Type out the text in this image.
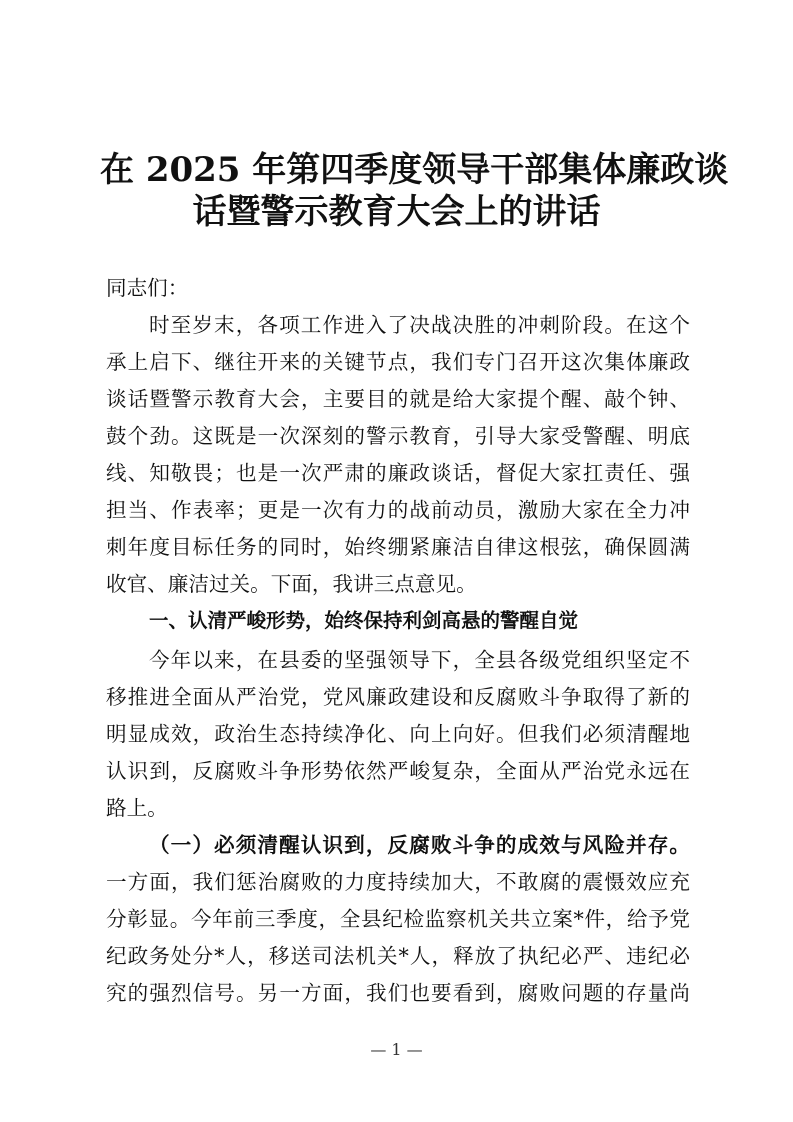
在 2025 年第四季度领导干部集体廉政谈
话暨警示教育大会上的讲话
同志们：
时至岁末，各项工作进入了决战决胜的冲刺阶段。在这个
承上启下、继往开来的关键节点，我们专门召开这次集体廉政
谈话暨警示教育大会，主要目的就是给大家提个醒、敲个钟、
鼓个劲。这既是一次深刻的警示教育，引导大家受警醒、明底
线、知敬畏；也是一次严肃的廉政谈话，督促大家扛责任、强
担当、作表率；更是一次有力的战前动员，激励大家在全力冲
刺年度目标任务的同时，始终绷紧廉洁自律这根弦，确保圆满
收官、廉洁过关。下面，我讲三点意见。
一、认清严峻形势，始终保持利剑高悬的警醒自觉
今年以来，在县委的坚强领导下，全县各级党组织坚定不
移推进全面从严治党，党风廉政建设和反腐败斗争取得了新的
明显成效，政治生态持续净化、向上向好。但我们必须清醒地
认识到，反腐败斗争形势依然严峻复杂，全面从严治党永远在
路上。
（一）必须清醒认识到，反腐败斗争的成效与风险并存。
一方面，我们惩治腐败的力度持续加大，不敢腐的震慑效应充
分彰显。今年前三季度，全县纪检监察机关共立案*件，给予党
纪政务处分*人，移送司法机关*人，释放了执纪必严、违纪必
究的强烈信号。另一方面，我们也要看到，腐败问题的存量尚
— 1 —
